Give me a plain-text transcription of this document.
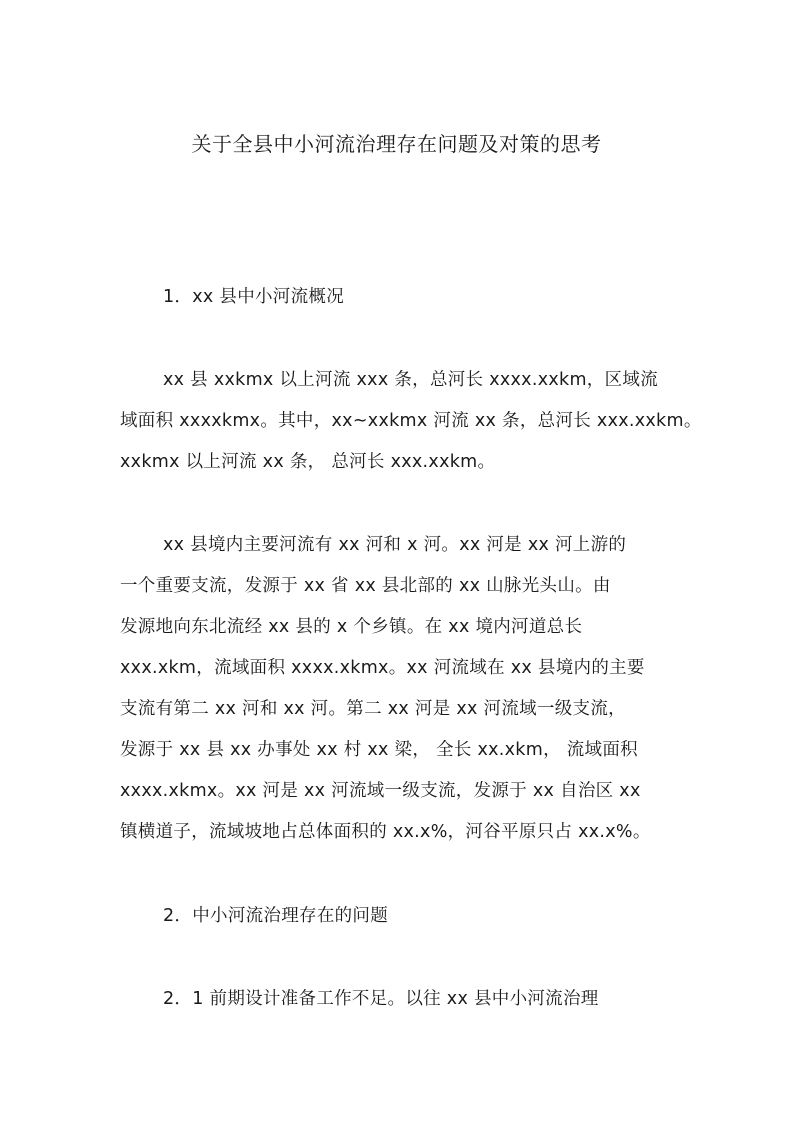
关于全县中小河流治理存在问题及对策的思考
1．xx 县中小河流概况
xx 县 xxkmx 以上河流 xxx 条，总河长 xxxx.xxkm，区域流
域面积 xxxxkmx。其中，xx~xxkmx 河流 xx 条，总河长 xxx.xxkm。
xxkmx 以上河流 xx 条， 总河长 xxx.xxkm。
xx 县境内主要河流有 xx 河和 x 河。xx 河是 xx 河上游的
一个重要支流，发源于 xx 省 xx 县北部的 xx 山脉光头山。由
发源地向东北流经 xx 县的 x 个乡镇。在 xx 境内河道总长
xxx.xkm，流域面积 xxxx.xkmx。xx 河流域在 xx 县境内的主要
支流有第二 xx 河和 xx 河。第二 xx 河是 xx 河流域一级支流，
发源于 xx 县 xx 办事处 xx 村 xx 梁， 全长 xx.xkm， 流域面积
xxxx.xkmx。xx 河是 xx 河流域一级支流，发源于 xx 自治区 xx
镇横道子，流域坡地占总体面积的 xx.x%，河谷平原只占 xx.x%。
2．中小河流治理存在的问题
2．1 前期设计准备工作不足。以往 xx 县中小河流治理
